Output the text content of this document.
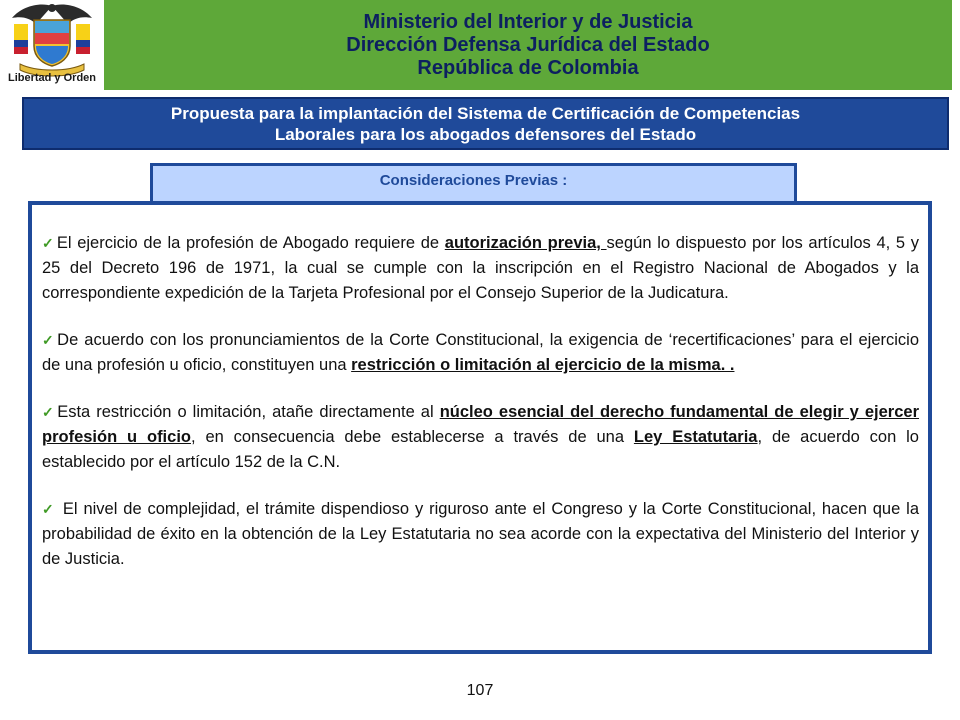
Libertad y Orden
Ministerio del Interior y de Justicia
Dirección Defensa Jurídica del Estado
República de Colombia
Propuesta para la implantación del Sistema de Certificación de Competencias
Laborales para los abogados defensores del Estado
Consideraciones Previas :

✓ El ejercicio de la profesión de Abogado requiere de autorización previa, según lo dispuesto por los artículos 4, 5 y 25 del Decreto 196 de 1971, la cual se cumple con la inscripción en el Registro Nacional de Abogados y la correspondiente expedición de la Tarjeta Profesional por el Consejo Superior de la Judicatura.

✓ De acuerdo con los pronunciamientos de la Corte Constitucional, la exigencia de ‘recertificaciones’ para el ejercicio de una profesión u oficio, constituyen una restricción o limitación al ejercicio de la misma. .

✓ Esta restricción o limitación, atañe directamente al núcleo esencial del derecho fundamental de elegir y ejercer profesión u oficio, en consecuencia debe establecerse a través de una Ley Estatutaria, de acuerdo con lo establecido por el artículo 152 de la C.N.

✓ El nivel de complejidad, el trámite dispendioso y riguroso ante el Congreso y la Corte Constitucional, hacen que la probabilidad de éxito en la obtención de la Ley Estatutaria no sea acorde con la expectativa del Ministerio del Interior y de Justicia.

107
